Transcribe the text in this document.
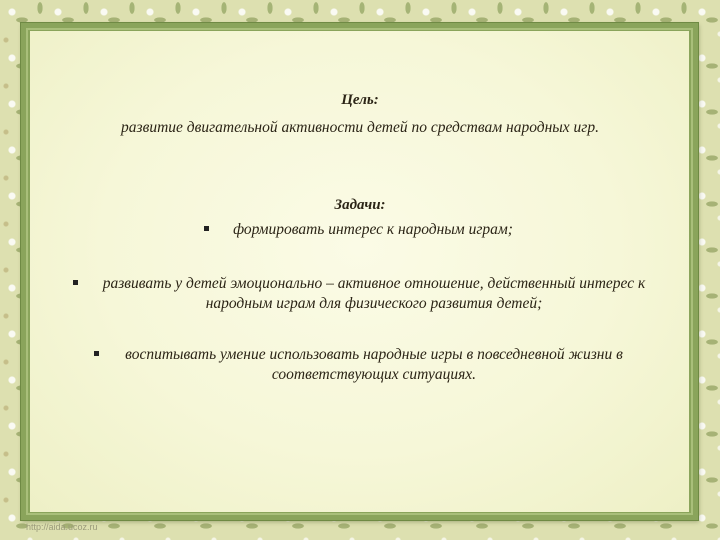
Цель:
развитие двигательной активности детей по средствам народных игр.
Задачи:
формировать интерес к народным играм;
развивать у детей эмоционально – активное отношение, действенный интерес к
народным играм для физического развития детей;
воспитывать умение использовать народные игры в повседневной жизни в
соответствующих ситуациях.
http://aida.ucoz.ru
